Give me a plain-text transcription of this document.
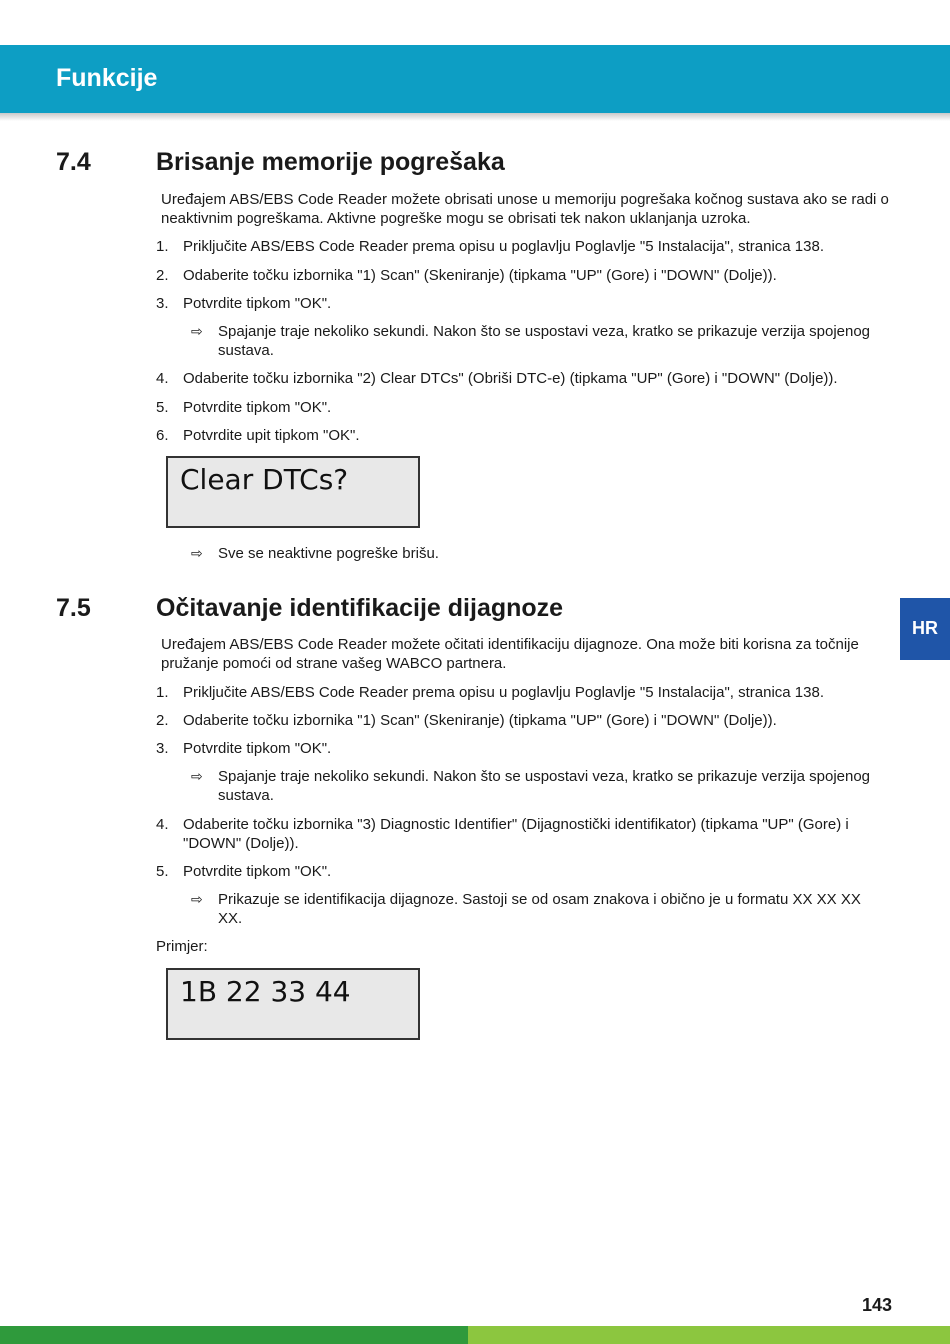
Funkcije
7.4	Brisanje memorije pogrešaka
Uređajem ABS/EBS Code Reader možete obrisati unose u memoriju pogrešaka kočnog sustava ako se radi o neaktivnim pogreškama. Aktivne pogreške mogu se obrisati tek nakon uklanjanja uzroka.
1. Priključite ABS/EBS Code Reader prema opisu u poglavlju Poglavlje "5 Instalacija", stranica 138.
2. Odaberite točku izbornika "1) Scan" (Skeniranje) (tipkama "UP" (Gore) i "DOWN" (Dolje)).
3. Potvrdite tipkom "OK".
⇨ Spajanje traje nekoliko sekundi. Nakon što se uspostavi veza, kratko se prikazuje verzija spojenog sustava.
4. Odaberite točku izbornika "2) Clear DTCs" (Obriši DTC-e) (tipkama "UP" (Gore) i "DOWN" (Dolje)).
5. Potvrdite tipkom "OK".
6. Potvrdite upit tipkom "OK".
Clear DTCs?
⇨ Sve se neaktivne pogreške brišu.
7.5	Očitavanje identifikacije dijagnoze
Uređajem ABS/EBS Code Reader možete očitati identifikaciju dijagnoze. Ona može biti korisna za točnije pružanje pomoći od strane vašeg WABCO partnera.
1. Priključite ABS/EBS Code Reader prema opisu u poglavlju Poglavlje "5 Instalacija", stranica 138.
2. Odaberite točku izbornika "1) Scan" (Skeniranje) (tipkama "UP" (Gore) i "DOWN" (Dolje)).
3. Potvrdite tipkom "OK".
⇨ Spajanje traje nekoliko sekundi. Nakon što se uspostavi veza, kratko se prikazuje verzija spojenog sustava.
4. Odaberite točku izbornika "3) Diagnostic Identifier" (Dijagnostički identifikator) (tipkama "UP" (Gore) i "DOWN" (Dolje)).
5. Potvrdite tipkom "OK".
⇨ Prikazuje se identifikacija dijagnoze. Sastoji se od osam znakova i obično je u formatu XX XX XX XX.
Primjer:
1B 22 33 44
HR
143
